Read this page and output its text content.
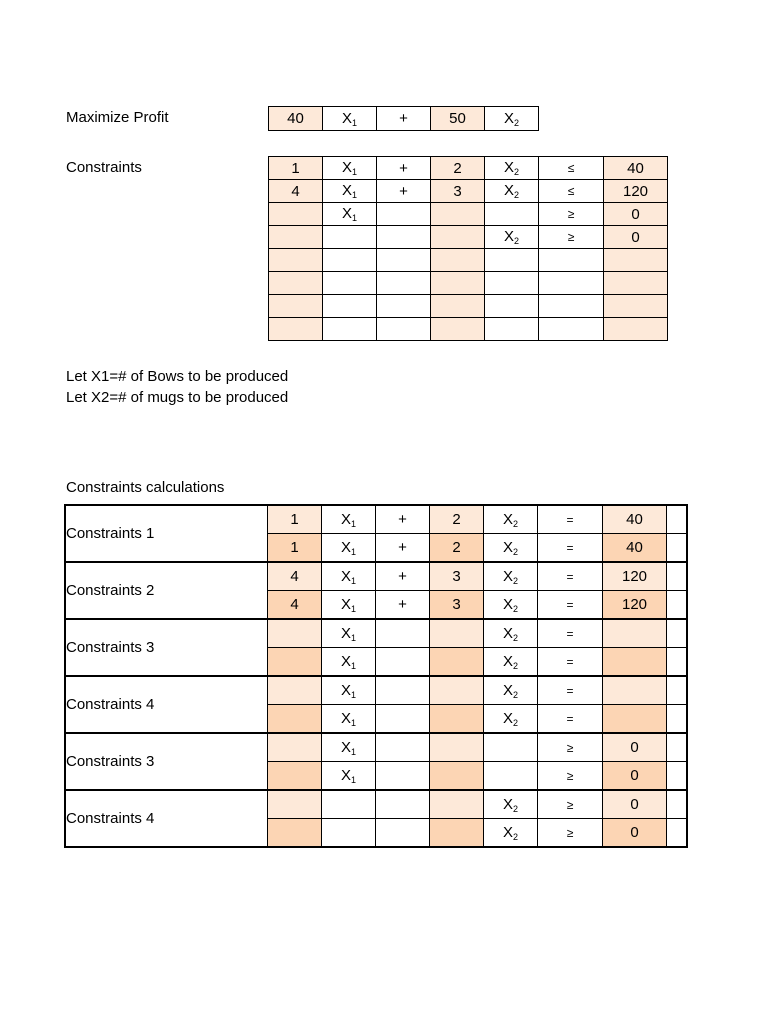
Maximize Profit	40	$X_1$	+	50	$X_2$
Constraints	1	$X_1$	+	2	$X_2$	≤	40
4	$X_1$	+	3	$X_2$	≤	120
	$X_1$				≥	0
				$X_2$	≥	0

Let X1=# of Bows to be produced
Let X2=# of mugs to be produced
Constraints calculations
Constraints 1	1	$X_1$	+	2	$X_2$	=	40	
	1	$X_1$	+	2	$X_2$	=	40	
Constraints 2	4	$X_1$	+	3	$X_2$	=	120	
	4	$X_1$	+	3	$X_2$	=	120	
Constraints 3		$X_1$			$X_2$	=		
		$X_1$			$X_2$	=		
Constraints 4		$X_1$			$X_2$	=		
		$X_1$			$X_2$	=		
Constraints 3		$X_1$				≥	0	
		$X_1$				≥	0	
Constraints 4					$X_2$	≥	0	
					$X_2$	≥	0	
